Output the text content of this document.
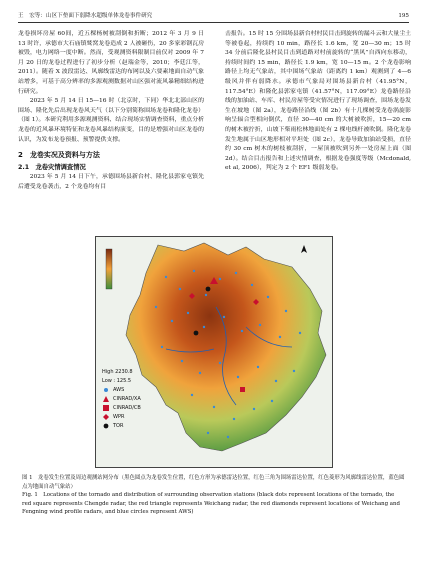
王　宏等：山区下垫面下弱降水超级单体龙卷事件研究	195

龙卷损坏房屋 60间，近五棵杨树被刮倒和折断；2012 年 3 月 9 日 13 时许，承德市大石庙镇鹫窝龙卷造成 2 人被砸伤，20 多家彩钢瓦房被毁，电力网络一度中断。然而，受观测资料限制目前仅对 2009 年 7 月 20 日的龙卷过程进行了初步分析（赵瑞金等，2010；李廷江等，2011）。随着 X 波段雷达、风廓线雷达的布网以及六要素地面自动气象站增多，可基于高分辨率的多源观测数据对山区强对流风暴精细结构进行研究。

2023 年 5 月 14 日 15—16 时（北京时，下同）华北北部山区的围场、隆化先后出现龙卷风天气（以下分别简称围场龙卷和隆化龙卷）（图 1）。本研究利用多源观测资料、结合现场实情调查资料，重点分析龙卷的近风暴环境特征和龙卷风暴结构演变，目的是增强对山区龙卷的认识，为发布龙卷预报、预警提供支撑。

2　龙卷实况及资料与方法
2.1　龙卷灾情调查情况

2023 年 5 月 14 日下午，承德围场县新台村、隆化县郭家屯镇先后遭受龙卷袭击，2 个龙卷均有目

击报告。15 时 15 分围场县新台村村民目击到旋转的漏斗云和大量尘土等被卷起，持续约 10 min，路径长 1.6 km，宽 20—30 m；15 时 34 分前后隆化县村民目击到道路对村前旋转的“黑风”自西向东移动，持续时间约 15 min，路径长 1.9 km，宽 10—15 m。2 个龙卷影响路径上均无气象站，其中围场气象站（距离约 1 km）观测到了 4—6 级风并伴有弱降水。承德市气象局对围场县新台村（41.95°N，117.54°E）和隆化县郭家屯镇（41.57°N，117.09°E）龙卷路径沿线的加油站、车库、村民房屋等受灾情况进行了现场调查，围场龙卷发生在坡地（图 2a），龙卷路径沿线（图 2b）有十几棵树受龙卷涡旋影响呈辐合型相向倒伏，直径 30—40 cm 的大树被吹折，15—20 cm 的树木被拧折，山坡下柴雨松林地面处有 2 棵电线杆被吹倒。隆化龙卷发生地属于山区地形相对平坦处（图 2c），龙卷导致加油站受损，直径约 30 cm 树木的树枝被刮折，一屋顶被吹到另外一处房屋上面（图 2d）。结合目击报告和上述灾情调查，根据龙卷强度等级（Mcdonald, et al, 2006），判定为 2 个 EF1 级弱龙卷。

High
2230.8
Low : 125.5
AWS
CINRAD/XA
CINRAD/CB
WPR
TOR

图 1　龙卷发生位置及周边观测站网分布（黑色圆点为龙卷发生位置，红色方形为承德雷达位置，红色三角为围场雷达位置，红色菱形为风廓线雷达位置，蓝色圆点为地面自动气象站）

Fig. 1　Locations of the tornado and distribution of surrounding observation stations (black dots represent locations of the tornado, the red square represents Chengde radar, the red triangle represents Weichang radar, the red diamonds represent locations of Weichang and Fengning wind profile radars, and blue circles represent AWS)
